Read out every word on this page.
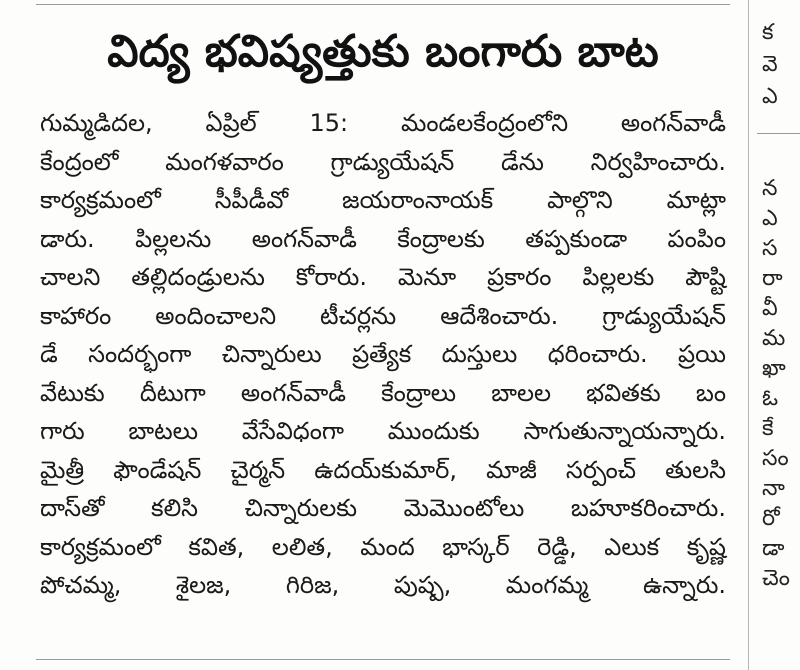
విద్య భవిష్యత్తుకు బంగారు బాట
గుమ్మడిదల, ఏప్రిల్ 15: మండలకేంద్రంలోని అంగన్‌వాడీ
కేంద్రంలో మంగళవారం గ్రాడ్యుయేషన్ డేను నిర్వహించారు.
కార్యక్రమంలో సీపీడీవో జయరాంనాయక్ పాల్గొని మాట్లా
డారు. పిల్లలను అంగన్‌వాడీ కేంద్రాలకు తప్పకుండా పంపిం
చాలని తల్లిదండ్రులను కోరారు. మెనూ ప్రకారం పిల్లలకు పౌష్టి
కాహారం అందించాలని టీచర్లను ఆదేశించారు. గ్రాడ్యుయేషన్
డే సందర్భంగా చిన్నారులు ప్రత్యేక దుస్తులు ధరించారు. ప్రయి
వేటుకు దీటుగా అంగన్‌వాడీ కేంద్రాలు బాలల భవితకు బం
గారు బాటలు వేసేవిధంగా ముందుకు సాగుతున్నాయన్నారు.
మైత్రీ ఫౌండేషన్ చైర్మన్ ఉదయ్‌కుమార్, మాజీ సర్పంచ్ తులసి
దాస్‌తో కలిసి చిన్నారులకు మెమొంటోలు బహూకరించారు.
కార్యక్రమంలో కవిత, లలిత, మంద భాస్కర్ రెడ్డి, ఎలుక కృష్ణ
పోచమ్మ, శైలజ, గిరిజ, పుష్ప, మంగమ్మ ఉన్నారు.
క
వె
ఎ
న
ఎ
స
రా
వీ
మ
ఖా
ఓ
కే
సం
నా
రో
డా
చెం
